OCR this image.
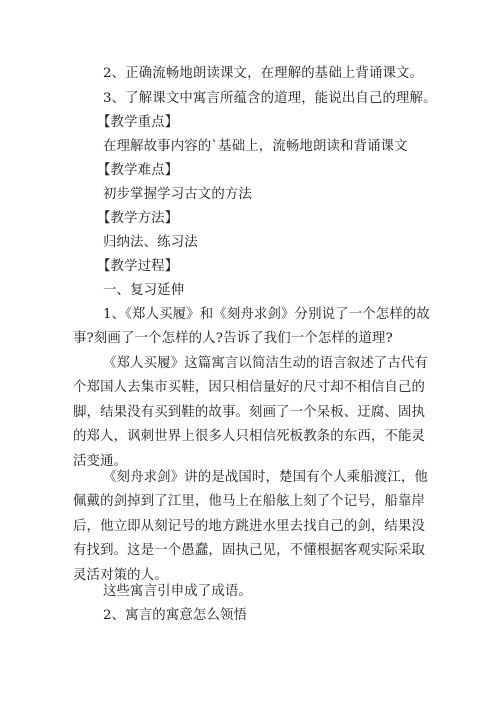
2、正确流畅地朗读课文，在理解的基础上背诵课文。
3、了解课文中寓言所蕴含的道理，能说出自己的理解。
【教学重点】
在理解故事内容的`基础上，流畅地朗读和背诵课文
【教学难点】
初步掌握学习古文的方法
【教学方法】
归纳法、练习法
【教学过程】
一、复习延伸
1、《郑人买履》和《刻舟求剑》分别说了一个怎样的故
事?刻画了一个怎样的人?告诉了我们一个怎样的道理?
《郑人买履》这篇寓言以简洁生动的语言叙述了古代有
个郑国人去集市买鞋，因只相信量好的尺寸却不相信自己的
脚，结果没有买到鞋的故事。刻画了一个呆板、迂腐、固执
的郑人，讽刺世界上很多人只相信死板教条的东西，不能灵
活变通。
《刻舟求剑》讲的是战国时，楚国有个人乘船渡江，他
佩戴的剑掉到了江里，他马上在船舷上刻了个记号，船靠岸
后，他立即从刻记号的地方跳进水里去找自己的剑，结果没
有找到。这是一个愚蠢，固执己见，不懂根据客观实际采取
灵活对策的人。
这些寓言引申成了成语。
2、寓言的寓意怎么领悟
